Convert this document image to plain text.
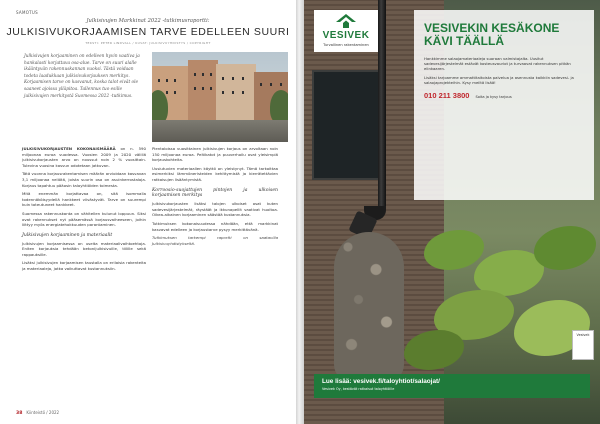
SAMOTUS
Julkisivujen Markkinat 2022 -tutkimusraportti:
JULKISIVUKORJAAMISEN TARVE EDELLEEN SUURI
TEKSTI: PETER LINDVALL / KUVAT: JULKISIVUYHDISTYS / COPYRIGHT
Julkisivujen korjaaminen on edelleen hyvin vaativa ja hankalasti korjattava osa-alue. Tarve on suuri alalle ikääntyvän rakennuskannan vuoksi. Tästä voidaan todeta laadukkaan julkisivukorjauksen merkitys. Korjaamisen tarve on kasvanut, koska talot eivät ole saaneet ajoissa ylläpitoa. Tallennus tuo esille julkisivujen merkitystä Suomessa 2022 -tutkimus.

JULKISIVUKORJAUSTEN KOKONAISMÄÄRÄ on n. 590 miljoonaa euroa vuodessa. Vuosien 2009 ja 2020 välillä julkisivukorjausten arvo on noussut noin 2 % vuosittain. Tulevina vuosina kasvun odotetaan jatkuvan.

Tätä vuonna korjausrakentamisen määrän arvioidaan kasvavan 3,1 miljoonaa neliötä, joista suurin osa on asuinkerrostaloja. Korjaus tapahtuu pääosin taloyhtiöiden toimesta.

Mitä enemmän korjattavaa on, sitä isommalla todennäköisyydellä hankkeet viivästyvät. Tarve on suurempi kuin toteutuneet hankkeet.

Suomessa rakennuskanta on vähitellen kulunut loppuun. Siksi ovat rakennukset nyt pääsemässä korjausvaiheeseen, joihin liittyy myös energiatehokkuuden parantaminen.

Julkisivujen korjaaminen ja materiaalit

Julkisivujen korjaamisessa on useita materiaalivaihtoehtoja. Eniten korjauksia tehdään betonijulkisivuille, tiilille sekä rappauksille.

Lisäksi julkisivujen korjaamisen taustalla on erilaisia rakenteita ja materiaaleja, jotka vaikuttavat kustannuksiin.

Pientaloissa vuosittainen julkisivujen korjaus on arvoltaan noin 150 miljoonaa euroa. Peltikatot ja puuverhoilu ovat yleisimpiä korjauskohteita.

Uusiutuvien materiaalien käyttö on yleistynyt. Tämä tarkoittaa esimerkiksi lämmöneristeiden kehittymistä ja kierrätettävien ratkaisujen lisääntymistä.

Korroosio-suojattujen pintojen ja ulkoisen korjaamisen merkitys

Julkisivukorjausten lisäksi talojen ulkoiset osat kuten sadevesijärjestelmät, räystäät ja ikkunapellit vaativat huoltoa. Oikea-aikainen korjaaminen säästää kustannuksia.

Tutkimuksen kokonaisuudessa nähdään, että markkinat kasvavat edelleen ja korjaustarve pysyy merkittävänä.

Tutkimuksen tarkempi raportti on saatavilla Julkisivuyhdistykseltä.

38 Kiinteistö / 2022
VESIVEK
Turvallinen rakentaminen
VESIVEKIN KESÄKONE KÄVI TÄÄLLÄ

Hankkimme salaojamateriaaleja suoraan valmistajalta. Uusitut sadevesijärjestelmät estävät kosteusvauriot ja turvaavat rakennuksen pitkän elinkaaren.

Lisäksi tarjoamme ammattitaitoista palvelua ja asennusta kaikkiin sadevesi- ja salaojaprojekteihin. Kysy meiltä lisää!

010 211 3800 Soita ja kysy tarjous
Vesivek
Lue lisää: vesivek.fi/taloyhtiot/salaojat/
Vesivek Oy, kestävät ratkaisut taloyhtiöille
